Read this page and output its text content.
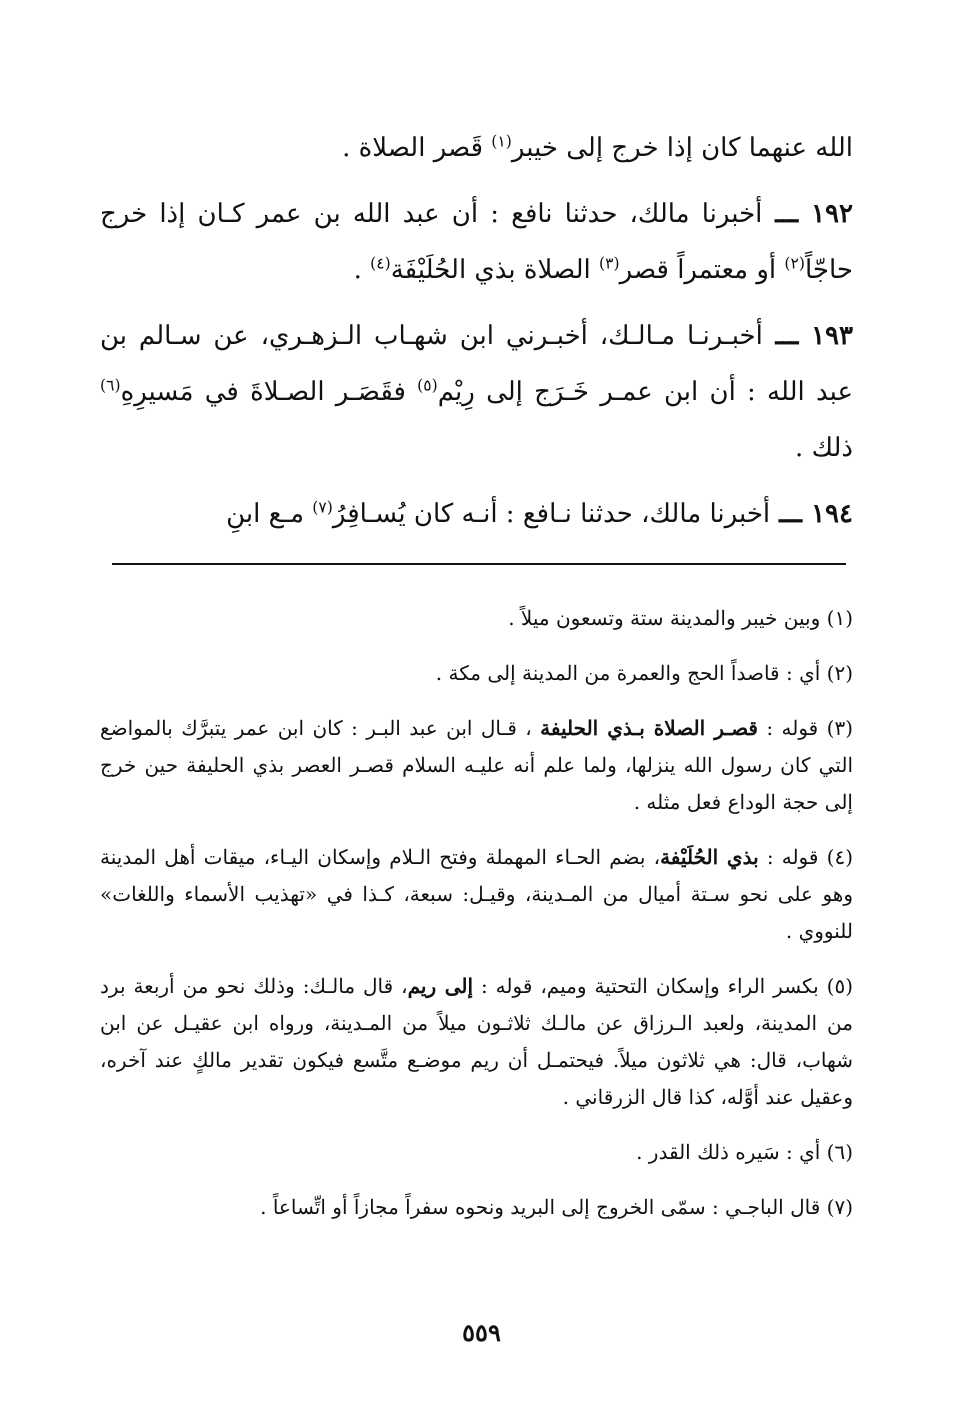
الله عنهما كان إذا خرج إلى خيبر$^{(١)}$ قَصر الصلاة .

١٩٢ ـــ أخبرنا مالك، حدثنا نافع : أن عبد الله بن عمر كـان إذا خرج حاجّاً$^{(٢)}$ أو معتمراً قصر$^{(٣)}$ الصلاة بذي الحُلَيْفَة$^{(٤)}$ .

١٩٣ ـــ أخبـرنـا مـالـك، أخبـرني ابن شهـاب الـزهـري، عن سـالم بن عبد الله : أن ابن عمـر خَـرَج إلى رِيْم$^{(٥)}$ فقَصَـر الصـلاةَ في مَسيرِهِ$^{(٦)}$ ذلك .

١٩٤ ـــ أخبرنا مالك، حدثنا نـافع : أنـه كان يُسـافِرُ$^{(٧)}$ مـع ابنِ

(١) وبين خيبر والمدينة ستة وتسعون ميلاً .

(٢) أي : قاصداً الحج والعمرة من المدينة إلى مكة .

(٣) قوله : قصـر الصلاة بـذي الحليفة ، قـال ابن عبد البـر : كان ابن عمر يتبرَّك بالمواضع التي كان رسول الله ينزلها، ولما علم أنه عليـه السلام قصـر العصر بذي الحليفة حين خرج إلى حجة الوداع فعل مثله .

(٤) قوله : بذي الحُلَيْفة، بضم الحـاء المهملة وفتح الـلام وإسكان اليـاء، ميقات أهل المدينة وهو على نحو سـتة أميال من المـدينة، وقيـل: سبعة، كـذا في «تهذيب الأسماء واللغات» للنووي .

(٥) بكسر الراء وإسكان التحتية وميم، قوله : إلى ريم، قال مالـك: وذلك نحو من أربعة برد من المدينة، ولعبد الـرزاق عن مالـك ثلاثـون ميلاً من المـدينة، ورواه ابن عقيـل عن ابن شهاب، قال: هي ثلاثون ميلاً. فيحتمـل أن ريم موضـع متَّسع فيكون تقدير مالكٍ عند آخره، وعقيل عند أوَّله، كذا قال الزرقاني .

(٦) أي : سَيره ذلك القدر .

(٧) قال الباجـي : سمّى الخروج إلى البريد ونحوه سفراً مجازاً أو اتِّساعاً .

٥٥٩
